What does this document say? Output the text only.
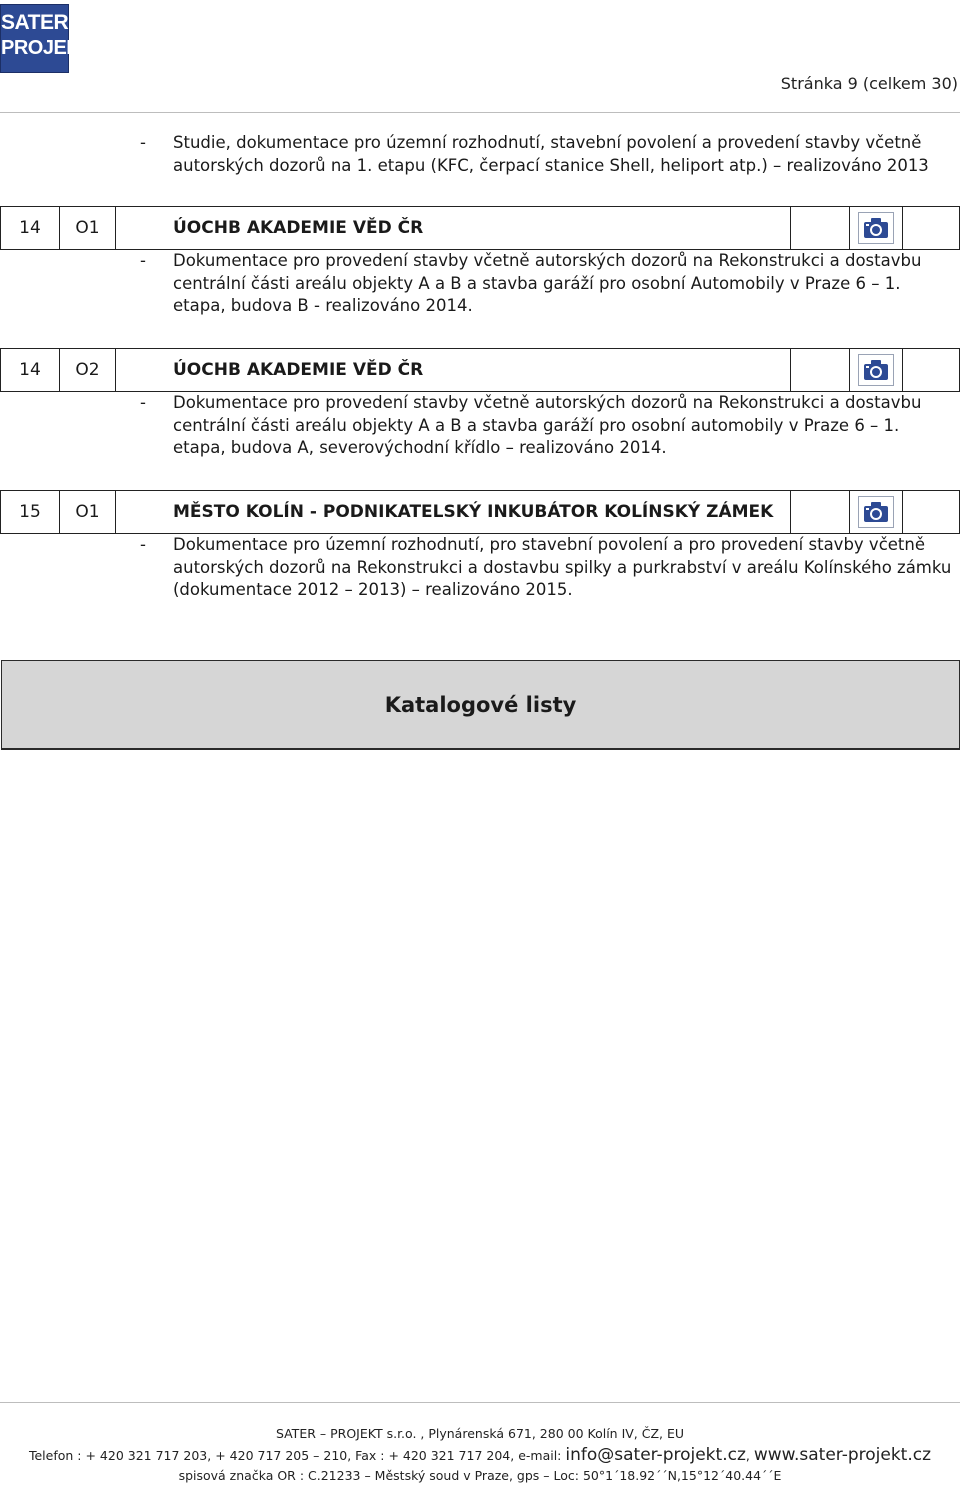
SATER
PROJEKT
Stránka 9 (celkem 30)
-	Studie, dokumentace pro územní rozhodnutí, stavební povolení a provedení stavby včetně autorských dozorů na 1. etapu (KFC, čerpací stanice Shell, heliport atp.) – realizováno 2013
14	O1	ÚOCHB AKADEMIE VĚD ČR
-	Dokumentace pro provedení stavby včetně autorských dozorů na Rekonstrukci a dostavbu centrální části areálu objekty A a B a stavba garáží pro osobní Automobily v Praze 6 – 1. etapa, budova B - realizováno 2014.
14	O2	ÚOCHB AKADEMIE VĚD ČR
-	Dokumentace pro provedení stavby včetně autorských dozorů na Rekonstrukci a dostavbu centrální části areálu objekty A a B a stavba garáží pro osobní automobily v Praze 6 – 1. etapa, budova A, severovýchodní křídlo – realizováno 2014.
15	O1	MĚSTO KOLÍN - PODNIKATELSKÝ INKUBÁTOR KOLÍNSKÝ ZÁMEK
-	Dokumentace pro územní rozhodnutí, pro stavební povolení a pro provedení stavby včetně autorských dozorů na Rekonstrukci a dostavbu spilky a purkrabství v areálu Kolínského zámku (dokumentace 2012 – 2013) – realizováno 2015.
Katalogové listy
SATER – PROJEKT s.r.o. , Plynárenská 671, 280 00 Kolín IV, ČZ, EU
Telefon : + 420 321 717 203, + 420 717 205 – 210, Fax : + 420 321 717 204, e-mail: info@sater-projekt.cz, www.sater-projekt.cz
spisová značka OR : C.21233 – Městský soud v Praze, gps – Loc: 50°1´18.92´´N,15°12´40.44´´E
